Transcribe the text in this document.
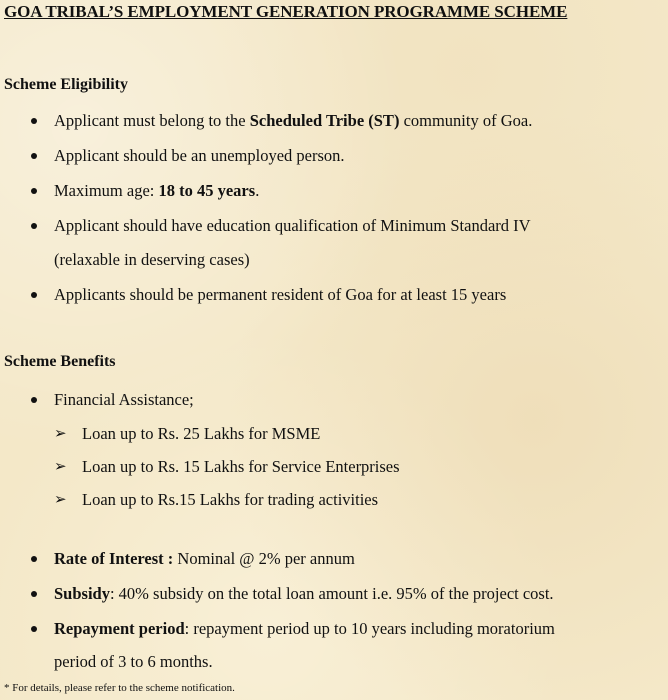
GOA TRIBAL’S EMPLOYMENT GENERATION PROGRAMME SCHEME
Scheme Eligibility
Applicant must belong to the Scheduled Tribe (ST) community of Goa.
Applicant should be an unemployed person.
Maximum age: 18 to 45 years.
Applicant should have education qualification of Minimum Standard IV
(relaxable in deserving cases)
Applicants should be permanent resident of Goa for at least 15 years
Scheme Benefits
Financial Assistance;
➢ Loan up to Rs. 25 Lakhs for MSME
➢ Loan up to Rs. 15 Lakhs for Service Enterprises
➢ Loan up to Rs.15 Lakhs for trading activities
Rate of Interest : Nominal @ 2% per annum
Subsidy: 40% subsidy on the total loan amount i.e. 95% of the project cost.
Repayment period: repayment period up to 10 years including moratorium
period of 3 to 6 months.
* For details, please refer to the scheme notification.
